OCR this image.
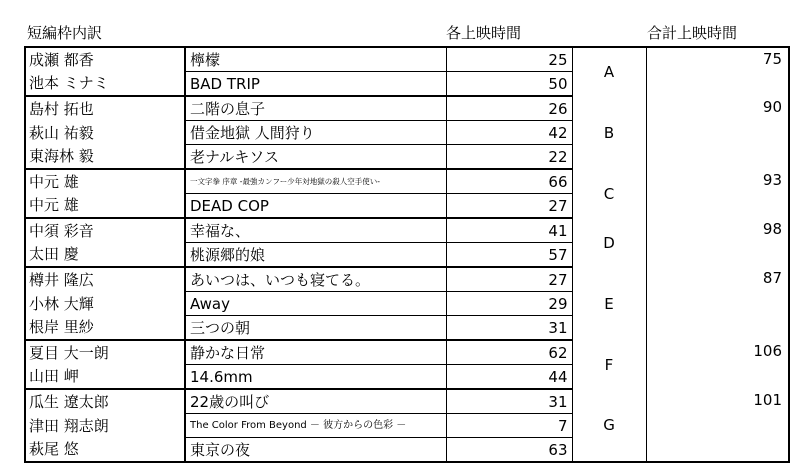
短編枠内訳	各上映時間	合計上映時間
成瀬 都香	檸檬	25	A	75
池本 ミナミ	BAD TRIP	50		
島村 拓也	二階の息子	26	B	90
萩山 祐毅	借金地獄 人間狩り	42		
東海林 毅	老ナルキソス	22		
中元 雄	一文字拳 序章 -最強カンフー少年対地獄の殺人空手使い-	66	C	93
中元 雄	DEAD COP	27		
中須 彩音	幸福な、	41	D	98
太田 慶	桃源郷的娘	57		
樽井 隆広	あいつは、いつも寝てる。	27	E	87
小林 大輝	Away	29		
根岸 里紗	三つの朝	31		
夏目 大一朗	静かな日常	62	F	106
山田 岬	14.6mm	44		
瓜生 遼太郎	22歳の叫び	31	G	101
津田 翔志朗	The Color From Beyond － 彼方からの色彩 －	7		
萩尾 悠	東京の夜	63		
